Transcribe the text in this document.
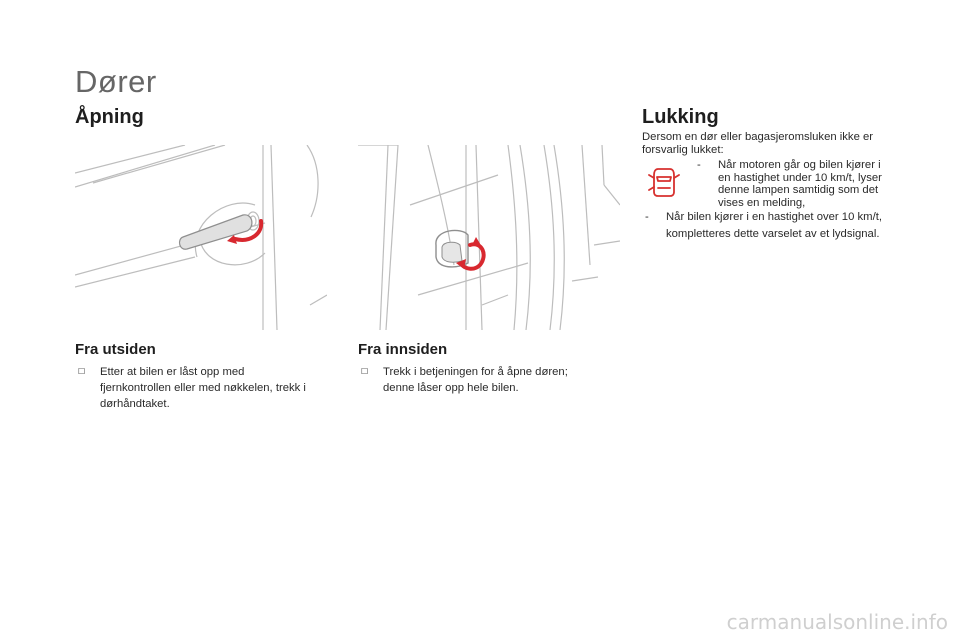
Dører
Åpning
Fra utsiden
☐	Etter at bilen er låst opp med
fjernkontrollen eller med nøkkelen, trekk i
dørhåndtaket.
Fra innsiden
☐	Trekk i betjeningen for å åpne døren;
denne låser opp hele bilen.
Lukking
Dersom en dør eller bagasjeromsluken ikke er
forsvarlig lukket:
-	Når motoren går og bilen kjører i
en hastighet under 10 km/t, lyser
denne lampen samtidig som det
vises en melding,
-	Når bilen kjører i en hastighet over 10 km/t,
kompletteres dette varselet av et lydsignal.
carmanualsonline.info
